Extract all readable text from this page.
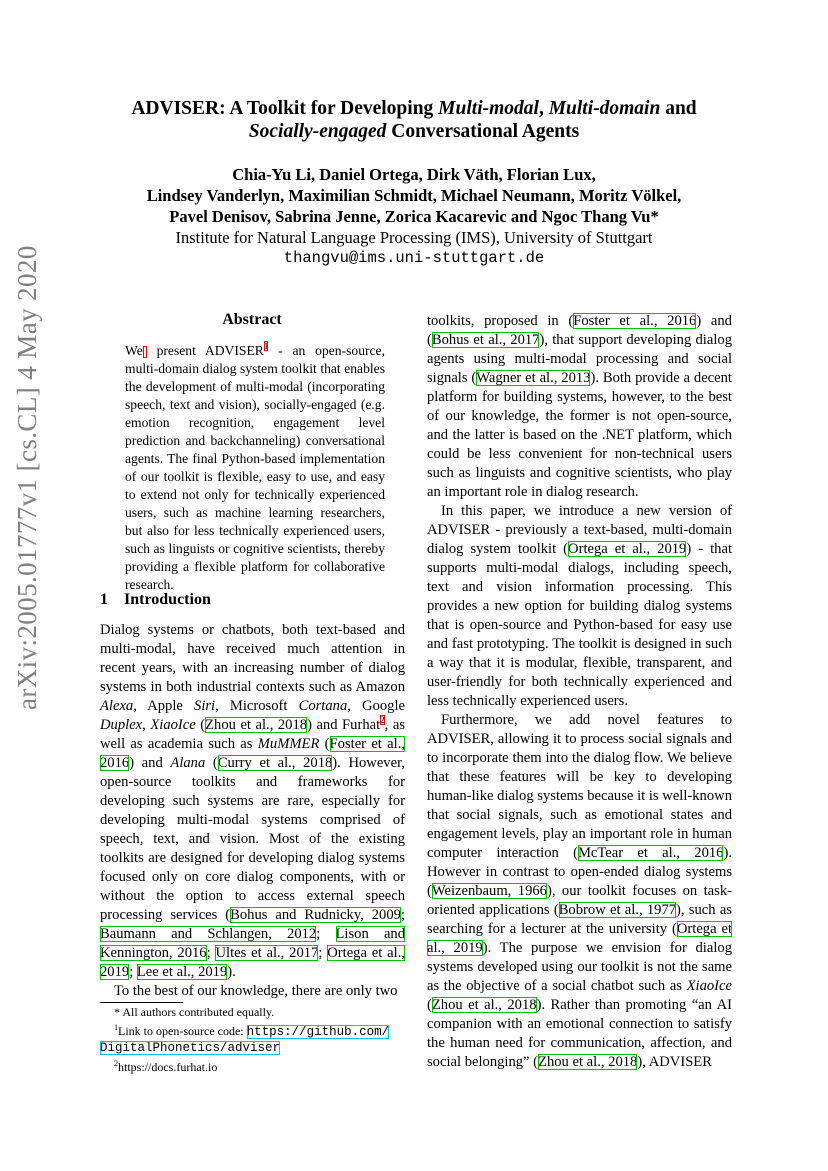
arXiv:2005.01777v1 [cs.CL] 4 May 2020
ADVISER: A Toolkit for Developing Multi-modal, Multi-domain and
Socially-engaged Conversational Agents
Chia-Yu Li, Daniel Ortega, Dirk Väth, Florian Lux,
Lindsey Vanderlyn, Maximilian Schmidt, Michael Neumann, Moritz Völkel,
Pavel Denisov, Sabrina Jenne, Zorica Kacarevic and Ngoc Thang Vu*
Institute for Natural Language Processing (IMS), University of Stuttgart
thangvu@ims.uni-stuttgart.de
Abstract
We present ADVISER$^1$ - an open-source, multi-domain dialog system toolkit that enables the development of multi-modal (incorporating speech, text and vision), socially-engaged (e.g. emotion recognition, engagement level prediction and backchanneling) conversational agents. The final Python-based implementation of our toolkit is flexible, easy to use, and easy to extend not only for technically experienced users, such as machine learning researchers, but also for less technically experienced users, such as linguists or cognitive scientists, thereby providing a flexible platform for collaborative research.
1 Introduction

Dialog systems or chatbots, both text-based and multi-modal, have received much attention in recent years, with an increasing number of dialog systems in both industrial contexts such as Amazon Alexa, Apple Siri, Microsoft Cortana, Google Duplex, XiaoIce (Zhou et al., 2018) and Furhat$^2$, as well as academia such as MuMMER (Foster et al., 2016) and Alana (Curry et al., 2018). However, open-source toolkits and frameworks for developing such systems are rare, especially for developing multi-modal systems comprised of speech, text, and vision. Most of the existing toolkits are designed for developing dialog systems focused only on core dialog components, with or without the option to access external speech processing services (Bohus and Rudnicky, 2009; Baumann and Schlangen, 2012; Lison and Kennington, 2016; Ultes et al., 2017; Ortega et al., 2019; Lee et al., 2019).

To the best of our knowledge, there are only two

* All authors contributed equally.
$^1$Link to open-source code: https://github.com/
DigitalPhonetics/adviser
$^2$https://docs.furhat.io

toolkits, proposed in (Foster et al., 2016) and (Bohus et al., 2017), that support developing dialog agents using multi-modal processing and social signals (Wagner et al., 2013). Both provide a decent platform for building systems, however, to the best of our knowledge, the former is not open-source, and the latter is based on the .NET platform, which could be less convenient for non-technical users such as linguists and cognitive scientists, who play an important role in dialog research.

In this paper, we introduce a new version of ADVISER - previously a text-based, multi-domain dialog system toolkit (Ortega et al., 2019) - that supports multi-modal dialogs, including speech, text and vision information processing. This provides a new option for building dialog systems that is open-source and Python-based for easy use and fast prototyping. The toolkit is designed in such a way that it is modular, flexible, transparent, and user-friendly for both technically experienced and less technically experienced users.

Furthermore, we add novel features to ADVISER, allowing it to process social signals and to incorporate them into the dialog flow. We believe that these features will be key to developing human-like dialog systems because it is well-known that social signals, such as emotional states and engagement levels, play an important role in human computer interaction (McTear et al., 2016). However in contrast to open-ended dialog systems (Weizenbaum, 1966), our toolkit focuses on task-oriented applications (Bobrow et al., 1977), such as searching for a lecturer at the university (Ortega et al., 2019). The purpose we envision for dialog systems developed using our toolkit is not the same as the objective of a social chatbot such as XiaoIce (Zhou et al., 2018). Rather than promoting “an AI companion with an emotional connection to satisfy the human need for communication, affection, and social belonging” (Zhou et al., 2018), ADVISER
